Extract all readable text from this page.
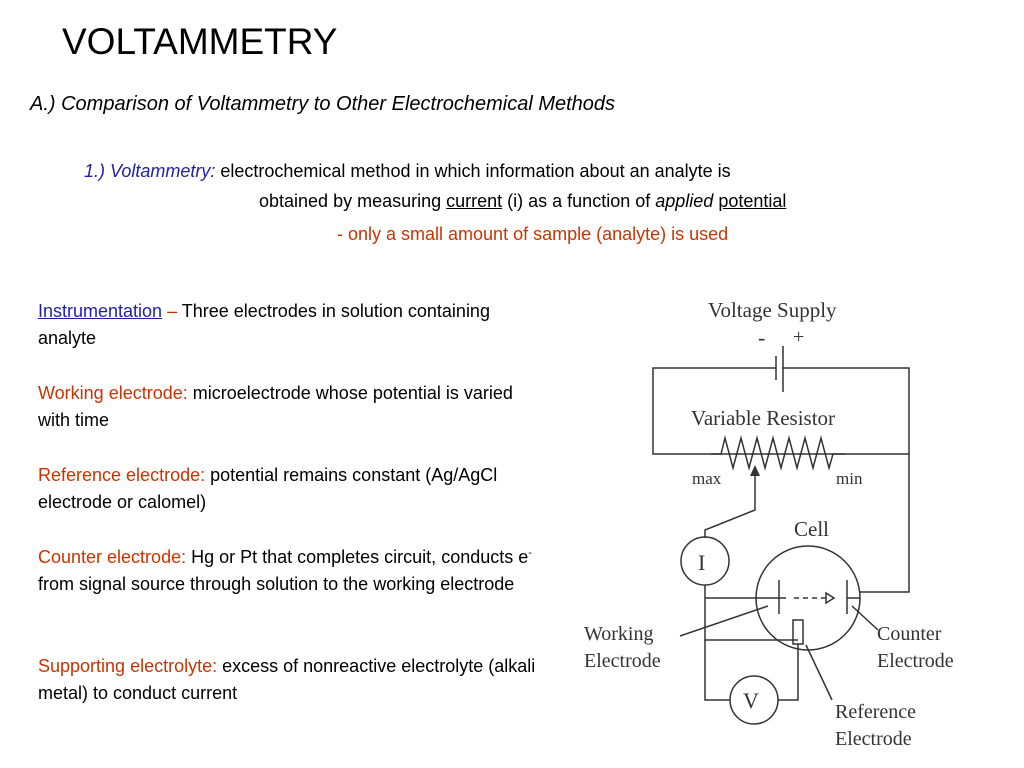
VOLTAMMETRY
A.) Comparison of Voltammetry to Other Electrochemical Methods
1.) Voltammetry: electrochemical method in which information about an analyte is
obtained by measuring current (i) as a function of applied potential
- only a small amount of sample (analyte) is used
Instrumentation – Three electrodes in solution containing analyte
Working electrode: microelectrode whose potential is varied with time
Reference electrode: potential remains constant (Ag/AgCl electrode or calomel)
Counter electrode: Hg or Pt that completes circuit, conducts e- from signal source through solution to the working electrode
Supporting electrolyte: excess of nonreactive electrolyte (alkali metal) to conduct current
Voltage Supply
- +
Variable Resistor
max	min
Cell
I
V
Working
Electrode
Counter
Electrode
Reference
Electrode
